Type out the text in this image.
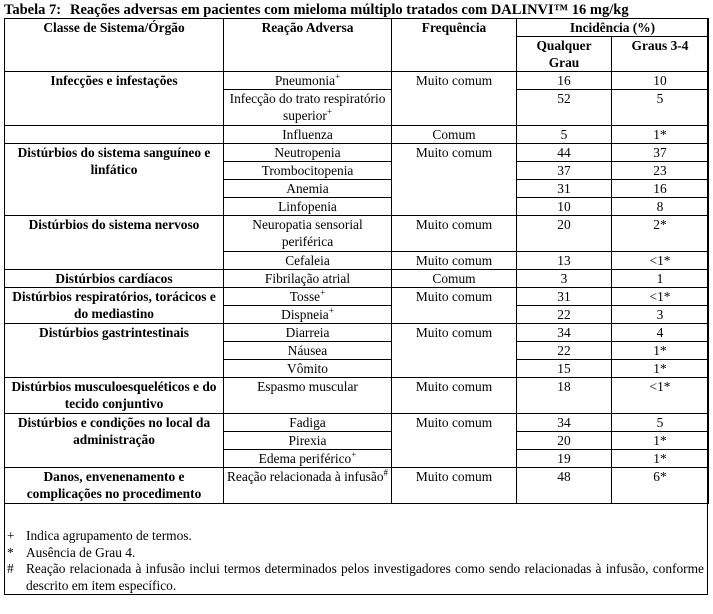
Tabela 7: Reações adversas em pacientes com mieloma múltiplo tratados com DALINVI™ 16 mg/kg
Classe de Sistema/Órgão	Reação Adversa	Frequência	Incidência (%)	
			Qualquer Grau	Graus 3-4
Infecções e infestações	Pneumonia+	Muito comum	16	10
	Infecção do trato respiratório superior+		52	5
	Influenza	Comum	5	1*
Distúrbios do sistema sanguíneo e linfático	Neutropenia	Muito comum	44	37
	Trombocitopenia		37	23
	Anemia		31	16
	Linfopenia		10	8
Distúrbios do sistema nervoso	Neuropatia sensorial periférica	Muito comum	20	2*
	Cefaleia	Muito comum	13	<1*
Distúrbios cardíacos	Fibrilação atrial	Comum	3	1
Distúrbios respiratórios, torácicos e do mediastino	Tosse+	Muito comum	31	<1*
	Dispneia+		22	3
Distúrbios gastrintestinais	Diarreia	Muito comum	34	4
	Náusea		22	1*
	Vômito		15	1*
Distúrbios musculoesqueléticos e do tecido conjuntivo	Espasmo muscular	Muito comum	18	<1*
Distúrbios e condições no local da administração	Fadiga	Muito comum	34	5
	Pirexia		20	1*
	Edema periférico+		19	1*
Danos, envenenamento e complicações no procedimento	Reação relacionada à infusão#	Muito comum	48	6*
+ Indica agrupamento de termos.
* Ausência de Grau 4.
# Reação relacionada à infusão inclui termos determinados pelos investigadores como sendo relacionadas à infusão, conforme descrito em item específico.
